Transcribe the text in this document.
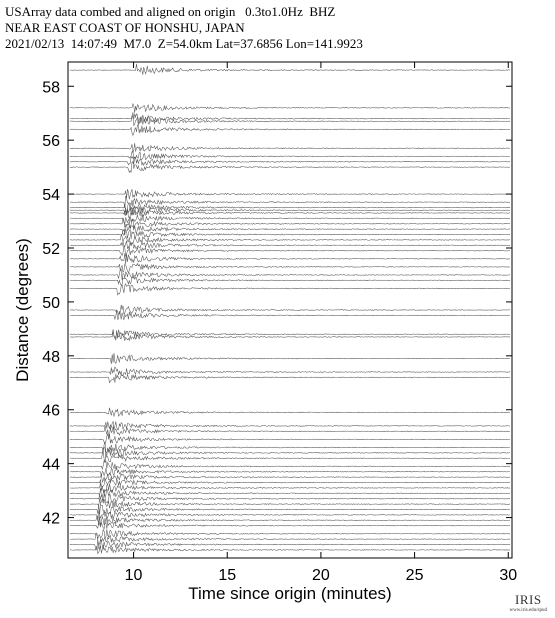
USArray data combed and aligned on origin   0.3to1.0Hz  BHZ
NEAR EAST COAST OF HONSHU, JAPAN
2021/02/13  14:07:49  M7.0  Z=54.0km Lat=37.6856 Lon=141.9923
10	15	20	25	30
42
44
46
48
50
52
54
56
58
Time since origin (minutes)
Distance (degrees)
IRIS
www.iris.edu/spud
